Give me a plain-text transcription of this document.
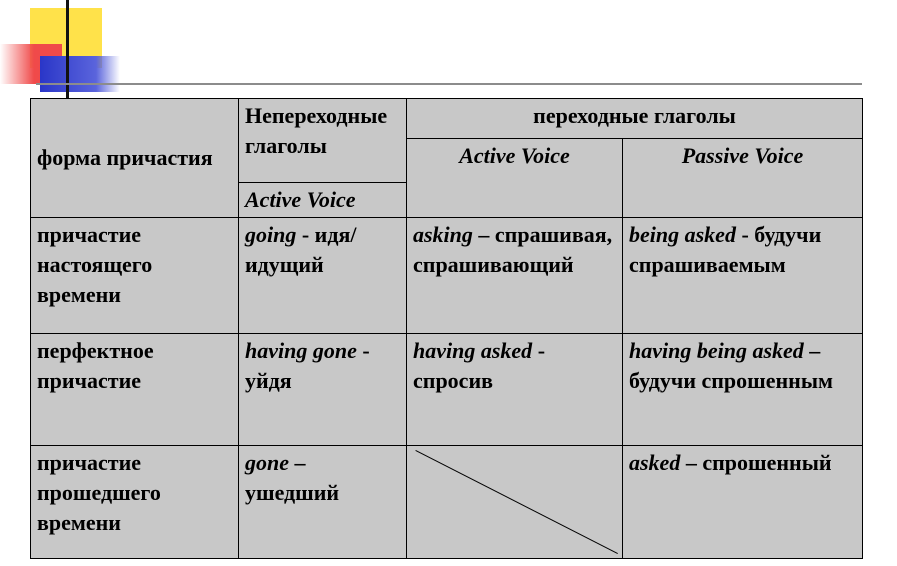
форма причастия	Непереходные глаголы	переходные глаголы	
		Active Voice	Passive Voice
	Active Voice		
причастие настоящего времени	going - идя/ идущий	asking – спрашивая, спрашивающий	being asked - будучи спрашиваемым
перфектное причастие	having gone - уйдя	having asked - спросив	having being asked – будучи спрошенным
причастие прошедшего времени	gone – ушедший		asked – спрошенный
